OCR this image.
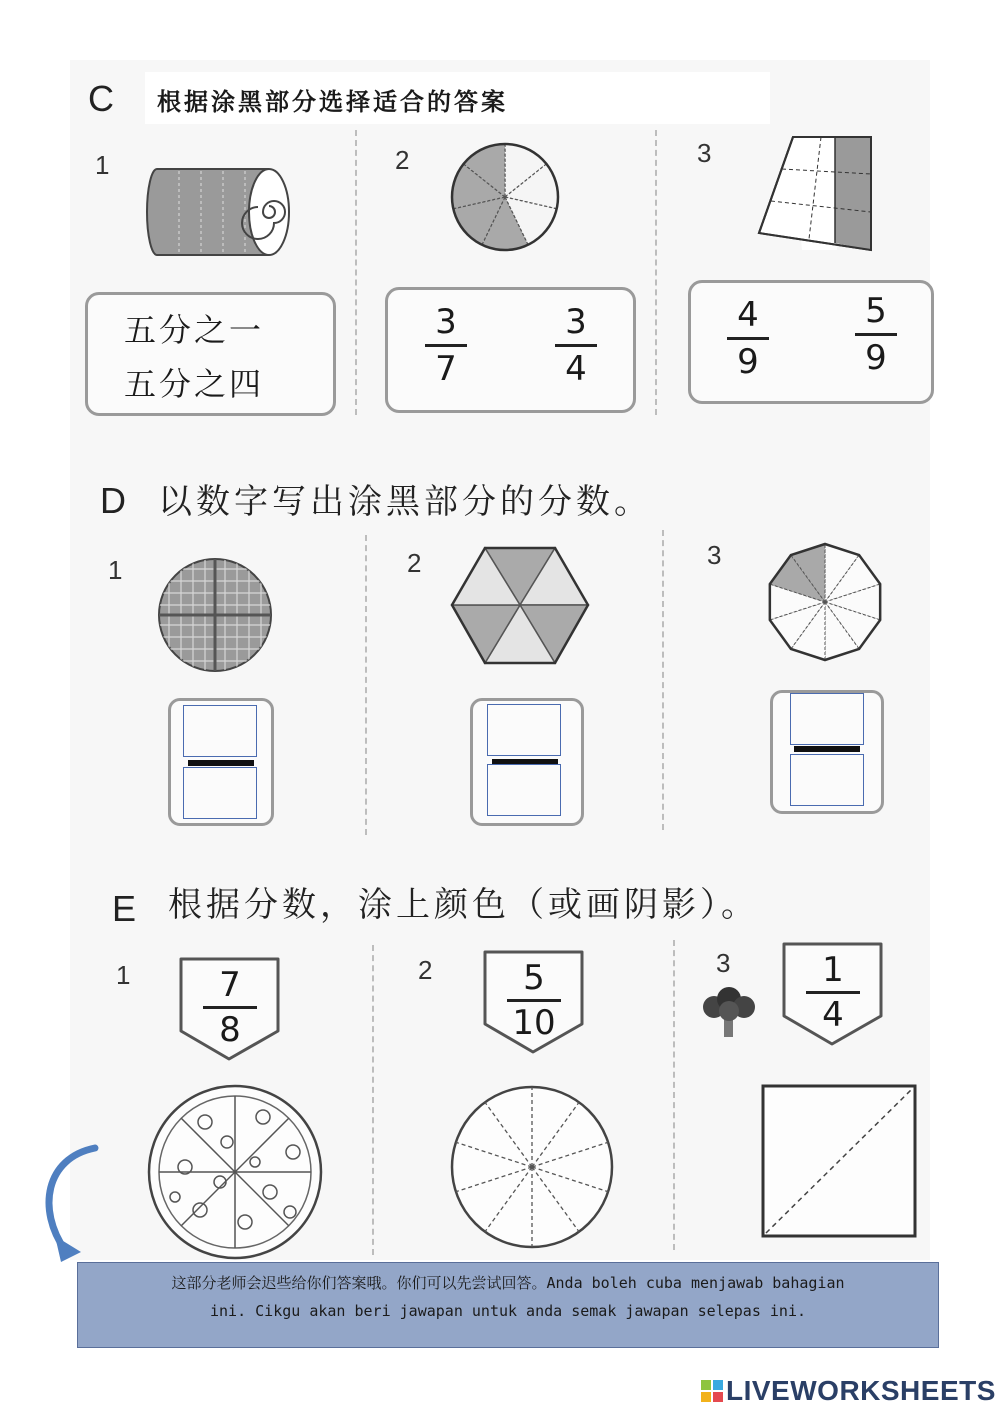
C 根据涂黑部分选择适合的答案
1	2	3
五分之一
五分之四
3
7
3
4
4
9
5
9
D 以数字写出涂黑部分的分数。
1	2	3
E 根据分数，涂上颜色（或画阴影）。
1	2	3
7
8
5
10
1
4
这部分老师会迟些给你们答案哦。你们可以先尝试回答。Anda boleh cuba menjawab bahagian
ini. Cikgu akan beri jawapan untuk anda semak jawapan selepas ini.
LIVEWORKSHEETS
